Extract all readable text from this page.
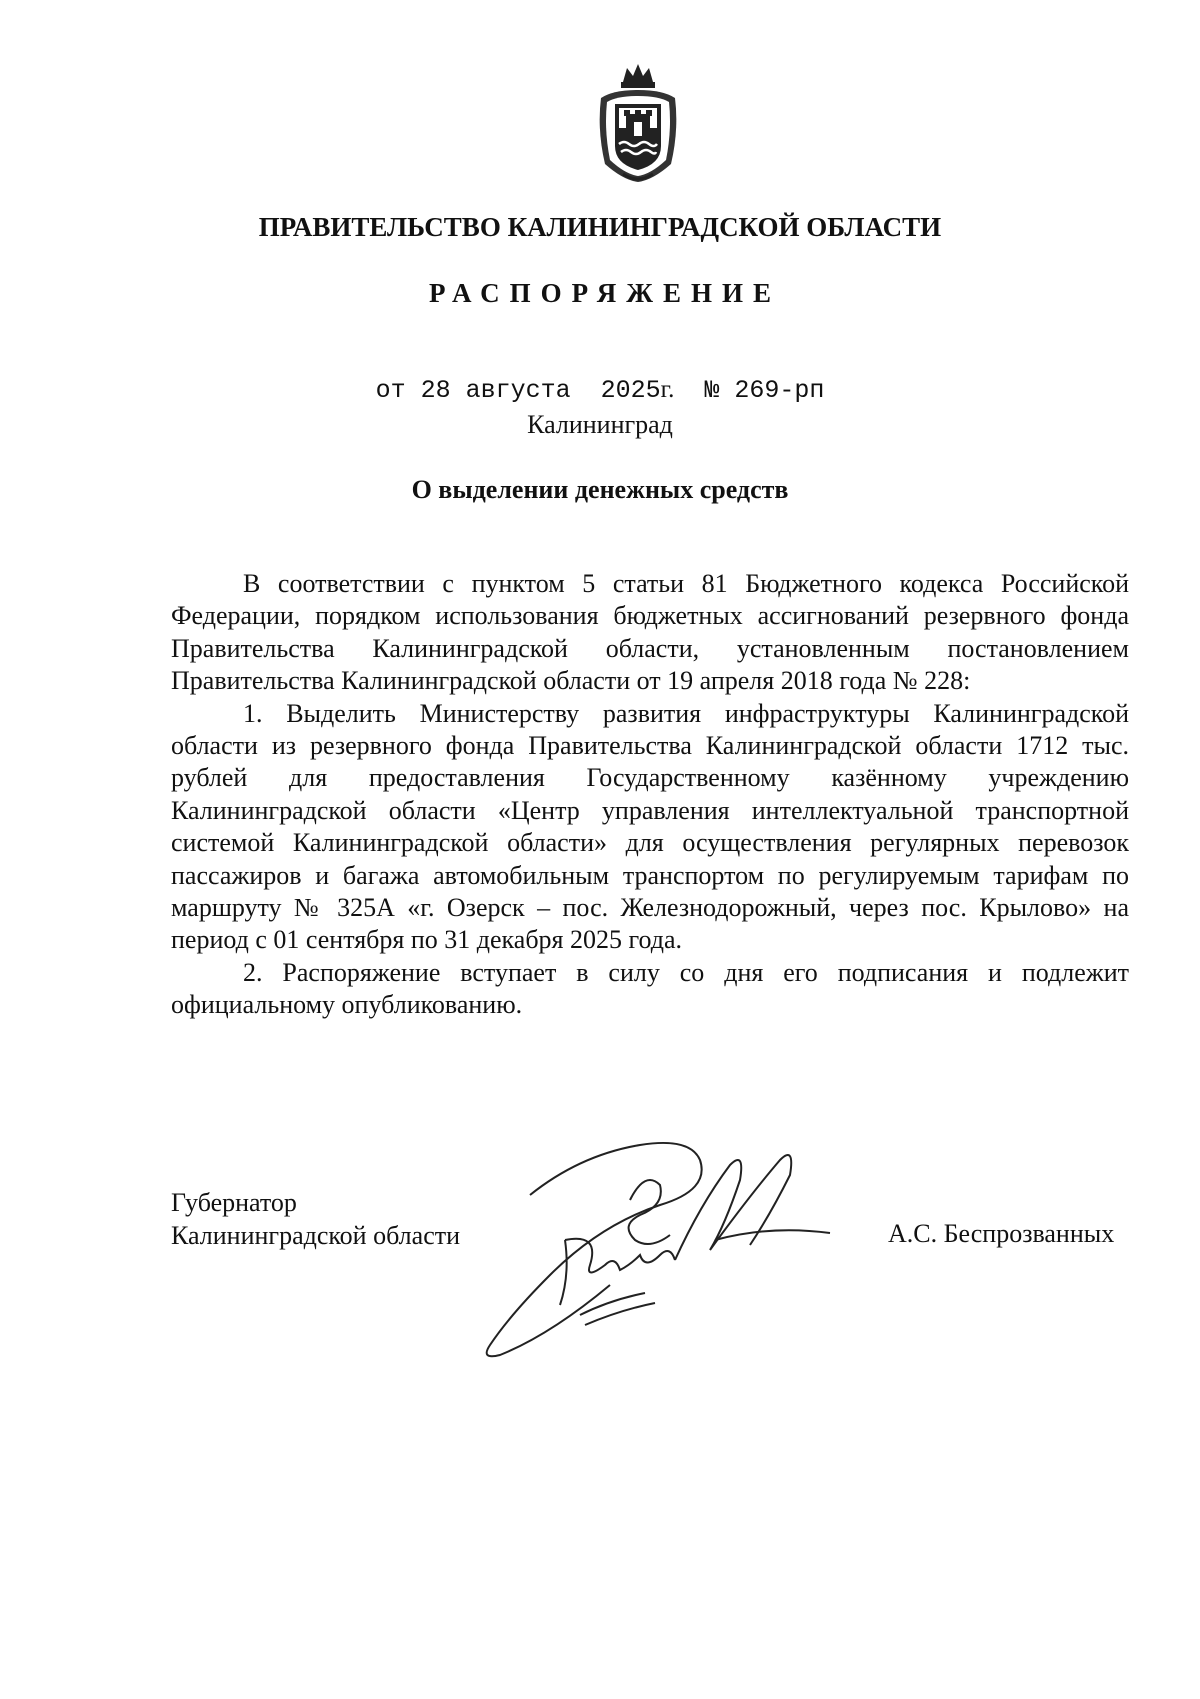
ПРАВИТЕЛЬСТВО КАЛИНИНГРАДСКОЙ ОБЛАСТИ
РАСПОРЯЖЕНИЕ
от 28 августа 2025г. № 269-рп
Калининград
О выделении денежных средств

В соответствии с пунктом 5 статьи 81 Бюджетного кодекса Российской Федерации, порядком использования бюджетных ассигнований резервного фонда Правительства Калининградской области, установленным постановлением Правительства Калининградской области от 19 апреля 2018 года № 228:

1. Выделить Министерству развития инфраструктуры Калининградской области из резервного фонда Правительства Калининградской области 1712 тыс. рублей для предоставления Государственному казённому учреждению Калининградской области «Центр управления интеллектуальной транспортной системой Калининградской области» для осуществления регулярных перевозок пассажиров и багажа автомобильным транспортом по регулируемым тарифам по маршруту № 325А «г. Озерск – пос. Железнодорожный, через пос. Крылово» на период с 01 сентября по 31 декабря 2025 года.

2. Распоряжение вступает в силу со дня его подписания и подлежит официальному опубликованию.

Губернатор
Калининградской области	А.С. Беспрозванных
